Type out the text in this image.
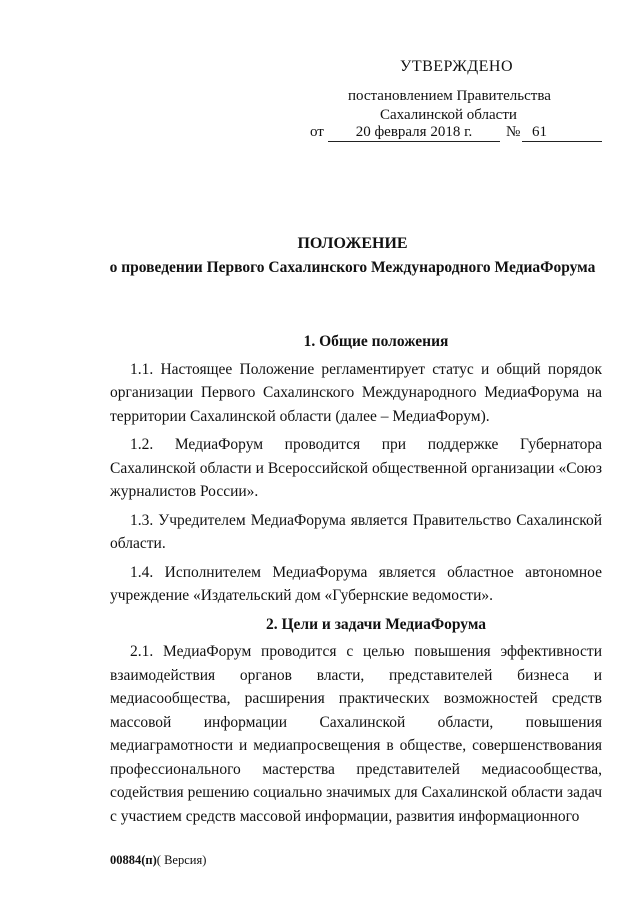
УТВЕРЖДЕНО
постановлением Правительства
Сахалинской области
от	20 февраля 2018 г.	№ 61
ПОЛОЖЕНИЕ
о проведении Первого Сахалинского Международного МедиаФорума
1. Общие положения

1.1. Настоящее Положение регламентирует статус и общий порядок организации Первого Сахалинского Международного МедиаФорума на территории Сахалинской области (далее – МедиаФорум).

1.2. МедиаФорум проводится при поддержке Губернатора Сахалинской области и Всероссийской общественной организации «Союз журналистов России».

1.3. Учредителем МедиаФорума является Правительство Сахалинской области.

1.4. Исполнителем МедиаФорума является областное автономное учреждение «Издательский дом «Губернские ведомости».

2. Цели и задачи МедиаФорума

2.1. МедиаФорум проводится с целью повышения эффективности взаимодействия органов власти, представителей бизнеса и медиасообщества, расширения практических возможностей средств массовой информации Сахалинской области, повышения медиаграмотности и медиапросвещения в обществе, совершенствования профессионального мастерства представителей медиасообщества, содействия решению социально значимых для Сахалинской области задач с участием средств массовой информации, развития информационного

00884(п)( Версия)
